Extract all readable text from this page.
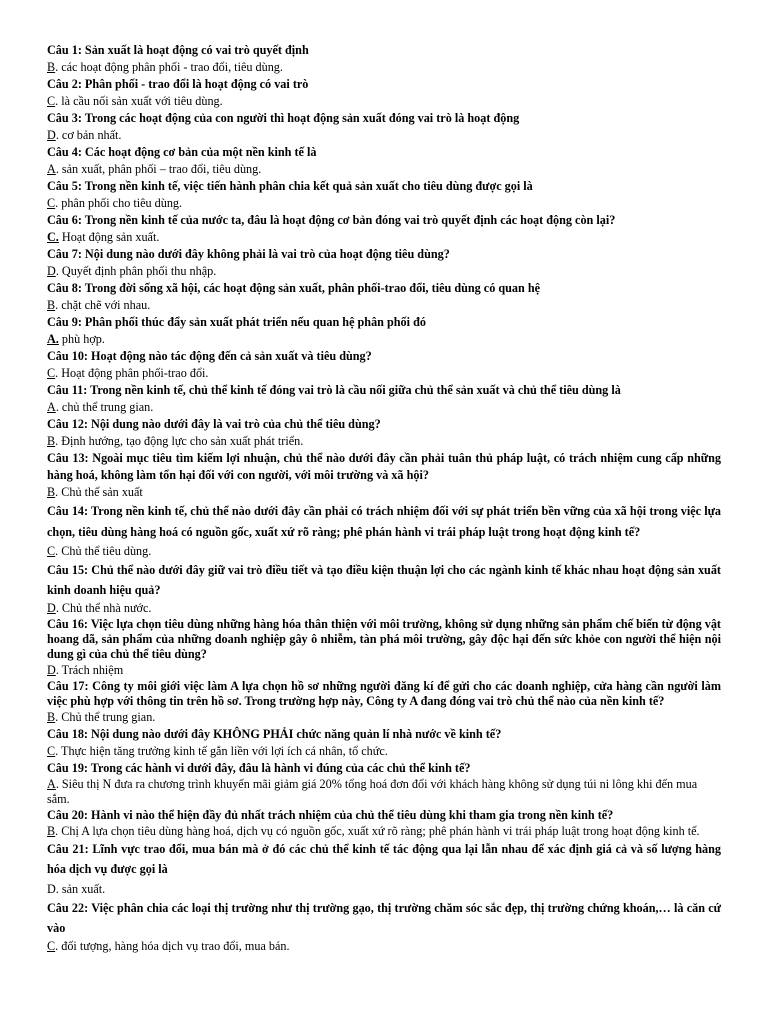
Câu 1: Sản xuất là hoạt động có vai trò quyết định

B. các hoạt động phân phối - trao đổi, tiêu dùng.

Câu 2: Phân phối - trao đổi là hoạt động có vai trò

C. là cầu nối sản xuất với tiêu dùng.

Câu 3: Trong các hoạt động của con người thì hoạt động sản xuất đóng vai trò là hoạt động

D. cơ bản nhất.

Câu 4: Các hoạt động cơ bản của một nền kinh tế là

A. sản xuất, phân phối – trao đổi, tiêu dùng.

Câu 5: Trong nền kinh tế, việc tiến hành phân chia kết quả sản xuất cho tiêu dùng được gọi là

C. phân phối cho tiêu dùng.

Câu 6: Trong nền kinh tế của nước ta, đâu là hoạt động cơ bản đóng vai trò quyết định các hoạt động còn lại?

C. Hoạt động sản xuất.

Câu 7: Nội dung nào dưới đây không phải là vai trò của hoạt động tiêu dùng?

D. Quyết định phân phối thu nhập.

Câu 8: Trong đời sống xã hội, các hoạt động sản xuất, phân phối-trao đổi, tiêu dùng có quan hệ

B. chặt chẽ với nhau.

Câu 9: Phân phối thúc đẩy sản xuất phát triển nếu quan hệ phân phối đó

A. phù hợp.

Câu 10: Hoạt động nào tác động đến cả sản xuất và tiêu dùng?

C. Hoạt động phân phối-trao đổi.

Câu 11: Trong nền kinh tế, chủ thể kinh tế đóng vai trò là cầu nối giữa chủ thể sản xuất và chủ thể tiêu dùng là

A. chủ thể trung gian.

Câu 12: Nội dung nào dưới đây là vai trò của chủ thể tiêu dùng?

B. Định hướng, tạo động lực cho sản xuất phát triển.

Câu 13: Ngoài mục tiêu tìm kiếm lợi nhuận, chủ thể nào dưới đây cần phải tuân thủ pháp luật, có trách nhiệm cung cấp những hàng hoá, không làm tổn hại đối với con người, với môi trường và xã hội?

B. Chủ thể sản xuất

Câu 14: Trong nền kinh tế, chủ thể nào dưới đây cần phải có trách nhiệm đối với sự phát triển bền vững của xã hội trong việc lựa chọn, tiêu dùng hàng hoá có nguồn gốc, xuất xứ rõ ràng; phê phán hành vi trái pháp luật trong hoạt động kinh tế?

C. Chủ thể tiêu dùng.

Câu 15: Chủ thể nào dưới đây giữ vai trò điều tiết và tạo điều kiện thuận lợi cho các ngành kinh tế khác nhau hoạt động sản xuất kinh doanh hiệu quả?

D. Chủ thể nhà nước.

Câu 16: Việc lựa chọn tiêu dùng những hàng hóa thân thiện với môi trường, không sử dụng những sản phẩm chế biến từ động vật hoang dã, sản phẩm của những doanh nghiệp gây ô nhiễm, tàn phá môi trường, gây độc hại đến sức khỏe con người thể hiện nội dung gì của chủ thể tiêu dùng?

D. Trách nhiệm

Câu 17: Công ty môi giới việc làm A lựa chọn hồ sơ những người đăng kí để gửi cho các doanh nghiệp, cửa hàng cần người làm việc phù hợp với thông tin trên hồ sơ. Trong trường hợp này, Công ty A đang đóng vai trò chủ thể nào của nền kinh tế?

B. Chủ thể trung gian.

Câu 18: Nội dung nào dưới đây KHÔNG PHẢI chức năng quản lí nhà nước về kinh tế?

C. Thực hiện tăng trưởng kinh tế gắn liền với lợi ích cá nhân, tổ chức.

Câu 19: Trong các hành vi dưới đây, đâu là hành vi đúng của các chủ thể kinh tế?

A. Siêu thị N đưa ra chương trình khuyến mãi giảm giá 20% tổng hoá đơn đối với khách hàng không sử dụng túi ni lông khi đến mua sắm.

Câu 20: Hành vi nào thể hiện đầy đủ nhất trách nhiệm của chủ thể tiêu dùng khi tham gia trong nền kinh tế?

B. Chị A lựa chọn tiêu dùng hàng hoá, dịch vụ có nguồn gốc, xuất xứ rõ ràng; phê phán hành vi trái pháp luật trong hoạt động kinh tế.

Câu 21: Lĩnh vực trao đổi, mua bán mà ở đó các chủ thể kinh tế tác động qua lại lẫn nhau để xác định giá cả và số lượng hàng hóa dịch vụ được gọi là

D. sản xuất.

Câu 22: Việc phân chia các loại thị trường như thị trường gạo, thị trường chăm sóc sắc đẹp, thị trường chứng khoán,… là căn cứ vào

C. đối tượng, hàng hóa dịch vụ trao đổi, mua bán.
